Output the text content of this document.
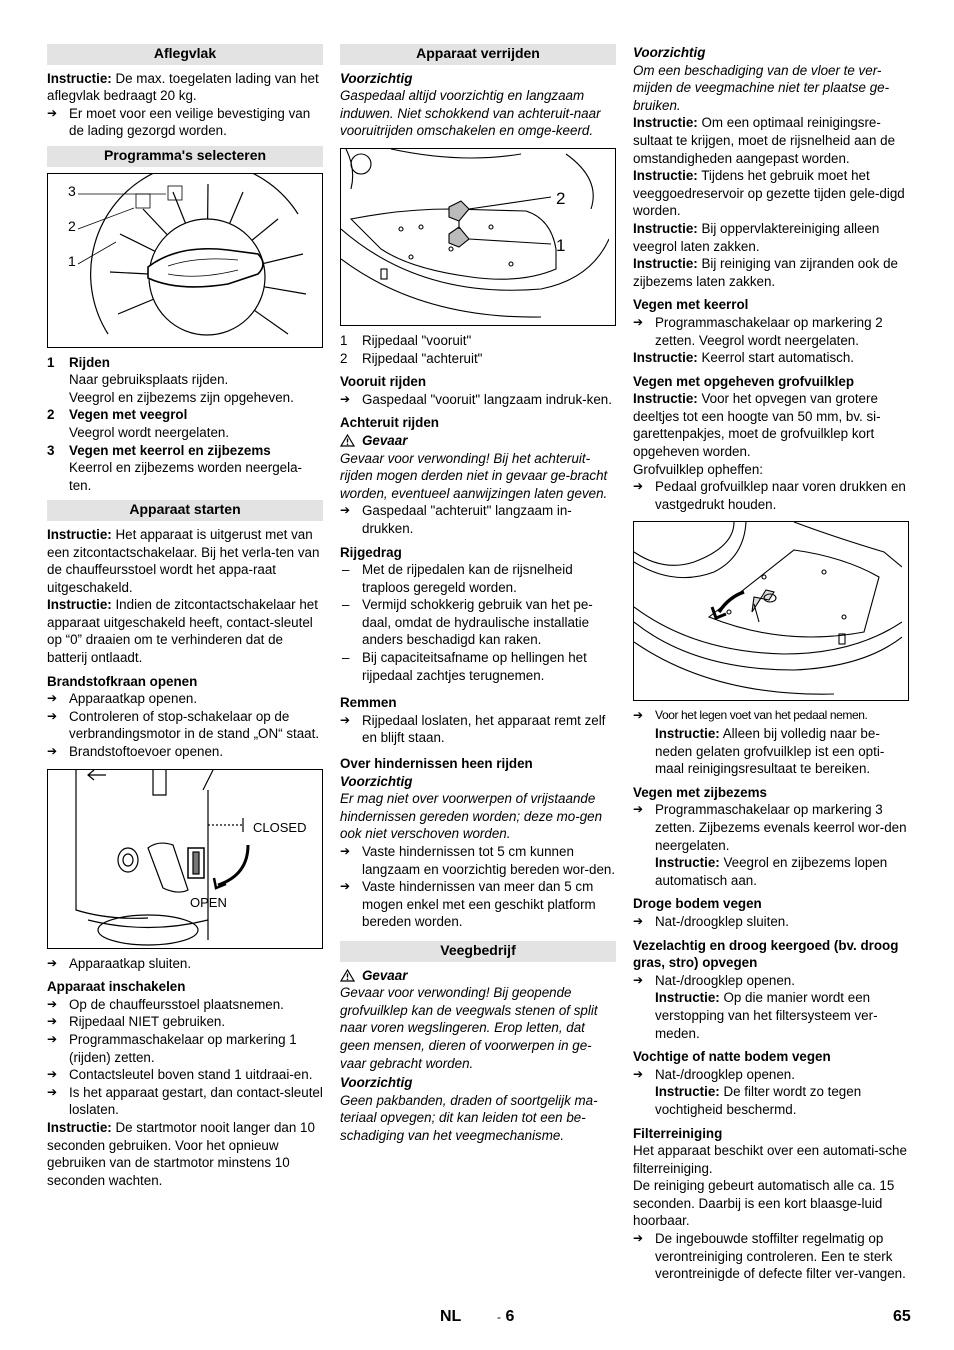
Aflegvlak

Instructie: De max. toegelaten lading van het aflegvlak bedraagt 20 kg.

➔ Er moet voor een veilige bevestiging van de lading gezorgd worden.

Programma's selecteren
3
2
1
1 Rijden

Naar gebruiksplaats rijden.

Veegrol en zijbezems zijn opgeheven.

2 Vegen met veegrol

Veegrol wordt neergelaten.

3 Vegen met keerrol en zijbezems

Keerrol en zijbezems worden neergela-ten.

Apparaat starten

Instructie: Het apparaat is uitgerust met van een zitcontactschakelaar. Bij het verla-ten van de chauffeursstoel wordt het appa-raat uitgeschakeld.

Instructie: Indien de zitcontactschakelaar het apparaat uitgeschakeld heeft, contact-sleutel op “0” draaien om te verhinderen dat de batterij ontlaadt.

Brandstofkraan openen

➔ Apparaatkap openen.

➔ Controleren of stop-schakelaar op de verbrandingsmotor in de stand „ON“ staat.

➔ Brandstoftoevoer openen.

CLOSED
OPEN

➔ Apparaatkap sluiten.

Apparaat inschakelen

➔ Op de chauffeursstoel plaatsnemen.

➔ Rijpedaal NIET gebruiken.

➔ Programmaschakelaar op markering 1 (rijden) zetten.

➔ Contactsleutel boven stand 1 uitdraai-en.

➔ Is het apparaat gestart, dan contact-sleutel loslaten.

Instructie: De startmotor nooit langer dan 10 seconden gebruiken. Voor het opnieuw gebruiken van de startmotor minstens 10 seconden wachten.

Apparaat verrijden

Voorzichtig

Gaspedaal altijd voorzichtig en langzaam induwen. Niet schokkend van achteruit-naar vooruitrijden omschakelen en omge-keerd.

2
1
1 Rijpedaal "vooruit"

2 Rijpedaal "achteruit"

Vooruit rijden

➔ Gaspedaal "vooruit" langzaam indruk-ken.

Achteruit rijden

Gevaar

Gevaar voor verwonding! Bij het achteruit-rijden mogen derden niet in gevaar ge-bracht worden, eventueel aanwijzingen laten geven.

➔ Gaspedaal "achteruit" langzaam in-drukken.

Rijgedrag

– Met de rijpedalen kan de rijsnelheid traploos geregeld worden.

– Vermijd schokkerig gebruik van het pe-daal, omdat de hydraulische installatie anders beschadigd kan raken.

– Bij capaciteitsafname op hellingen het rijpedaal zachtjes terugnemen.

Remmen

➔ Rijpedaal loslaten, het apparaat remt zelf en blijft staan.

Over hindernissen heen rijden

Voorzichtig

Er mag niet over voorwerpen of vrijstaande hindernissen gereden worden; deze mo-gen ook niet verschoven worden.

➔ Vaste hindernissen tot 5 cm kunnen langzaam en voorzichtig bereden wor-den.

➔ Vaste hindernissen van meer dan 5 cm mogen enkel met een geschikt platform bereden worden.

Veegbedrijf

Gevaar

Gevaar voor verwonding! Bij geopende grofvuilklep kan de veegwals stenen of split naar voren wegslingeren. Erop letten, dat geen mensen, dieren of voorwerpen in ge-vaar gebracht worden.

Voorzichtig

Geen pakbanden, draden of soortgelijk ma-teriaal opvegen; dit kan leiden tot een be-schadiging van het veegmechanisme.

Voorzichtig

Om een beschadiging van de vloer te ver-mijden de veegmachine niet ter plaatse ge-bruiken.

Instructie: Om een optimaal reinigingsre-sultaat te krijgen, moet de rijsnelheid aan de omstandigheden aangepast worden.

Instructie: Tijdens het gebruik moet het veeggoedreservoir op gezette tijden gele-digd worden.

Instructie: Bij oppervlaktereiniging alleen veegrol laten zakken.

Instructie: Bij reiniging van zijranden ook de zijbezems laten zakken.

Vegen met keerrol

➔ Programmaschakelaar op markering 2 zetten. Veegrol wordt neergelaten.

Instructie: Keerrol start automatisch.

Vegen met opgeheven grofvuilklep

Instructie: Voor het opvegen van grotere deeltjes tot een hoogte van 50 mm, bv. si-garettenpakjes, moet de grofvuilklep kort opgeheven worden.

Grofvuilklep opheffen:

➔ Pedaal grofvuilklep naar voren drukken en vastgedrukt houden.

➔ Voor het legen voet van het pedaal nemen.

Instructie: Alleen bij volledig naar be-neden gelaten grofvuilklep ist een opti-maal reinigingsresultaat te bereiken.

Vegen met zijbezems

➔ Programmaschakelaar op markering 3 zetten. Zijbezems evenals keerrol wor-den neergelaten.

Instructie: Veegrol en zijbezems lopen automatisch aan.

Droge bodem vegen

➔ Nat-/droogklep sluiten.

Vezelachtig en droog keergoed (bv. droog gras, stro) opvegen

➔ Nat-/droogklep openen.

Instructie: Op die manier wordt een verstopping van het filtersysteem ver-meden.

Vochtige of natte bodem vegen

➔ Nat-/droogklep openen.

Instructie: De filter wordt zo tegen vochtigheid beschermd.

Filterreiniging

Het apparaat beschikt over een automati-sche filterreiniging.

De reiniging gebeurt automatisch alle ca. 15 seconden. Daarbij is een kort blaasge-luid hoorbaar.

➔ De ingebouwde stoffilter regelmatig op verontreiniging controleren. Een te sterk verontreinigde of defecte filter ver-vangen.

NL	- 6	65
